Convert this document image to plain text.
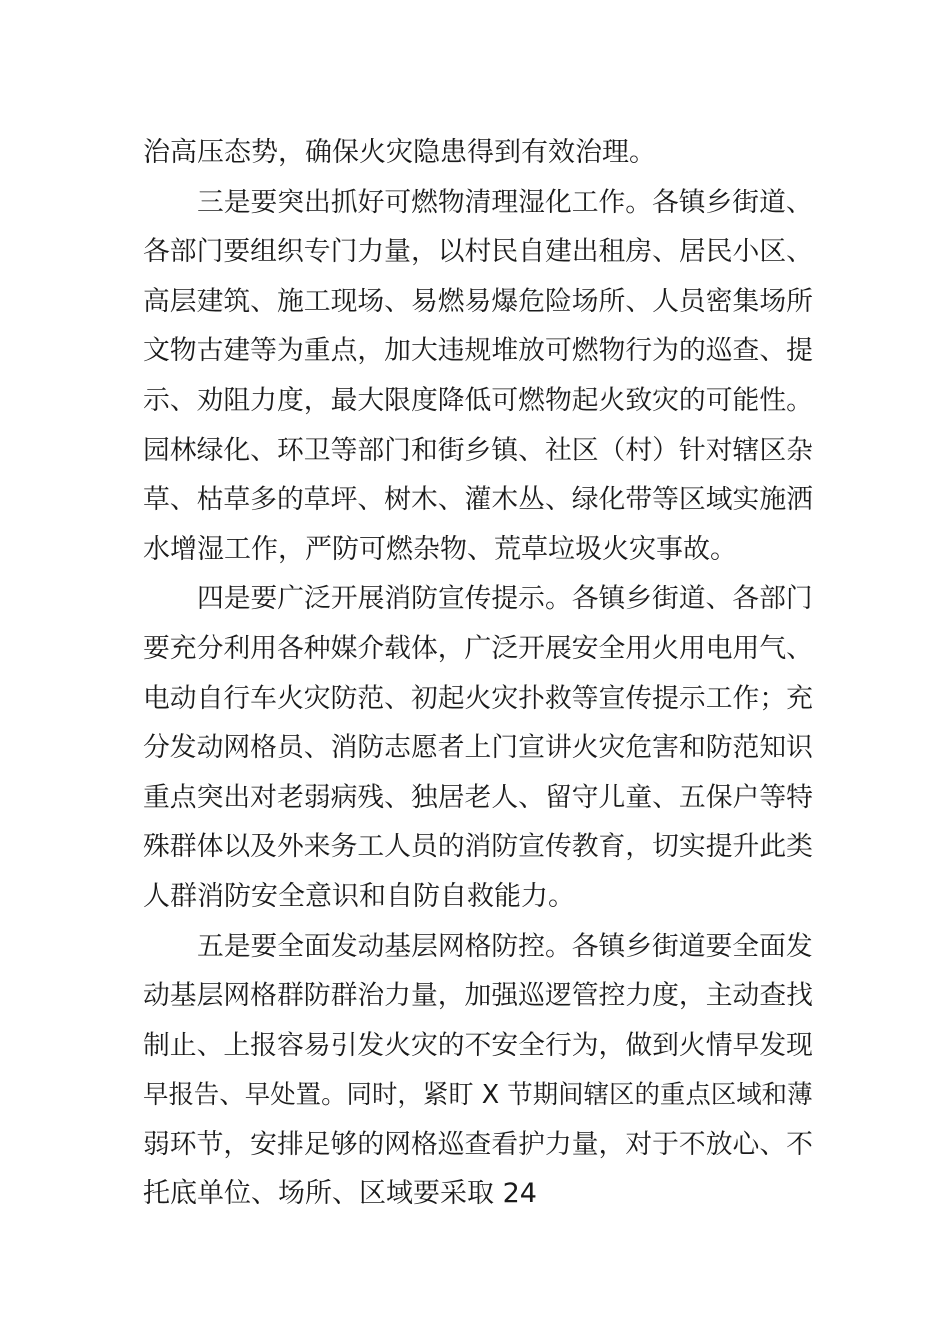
治高压态势，确保火灾隐患得到有效治理。
三是要突出抓好可燃物清理湿化工作。各镇乡街道、
各部门要组织专门力量，以村民自建出租房、居民小区、
高层建筑、施工现场、易燃易爆危险场所、人员密集场所
文物古建等为重点，加大违规堆放可燃物行为的巡查、提
示、劝阻力度，最大限度降低可燃物起火致灾的可能性。
园林绿化、环卫等部门和街乡镇、社区（村）针对辖区杂
草、枯草多的草坪、树木、灌木丛、绿化带等区域实施洒
水增湿工作，严防可燃杂物、荒草垃圾火灾事故。
四是要广泛开展消防宣传提示。各镇乡街道、各部门
要充分利用各种媒介载体，广泛开展安全用火用电用气、
电动自行车火灾防范、初起火灾扑救等宣传提示工作；充
分发动网格员、消防志愿者上门宣讲火灾危害和防范知识
重点突出对老弱病残、独居老人、留守儿童、五保户等特
殊群体以及外来务工人员的消防宣传教育，切实提升此类
人群消防安全意识和自防自救能力。
五是要全面发动基层网格防控。各镇乡街道要全面发
动基层网格群防群治力量，加强巡逻管控力度，主动查找
制止、上报容易引发火灾的不安全行为，做到火情早发现
早报告、早处置。同时，紧盯 X 节期间辖区的重点区域和薄
弱环节，安排足够的网格巡查看护力量，对于不放心、不
托底单位、场所、区域要采取 24
